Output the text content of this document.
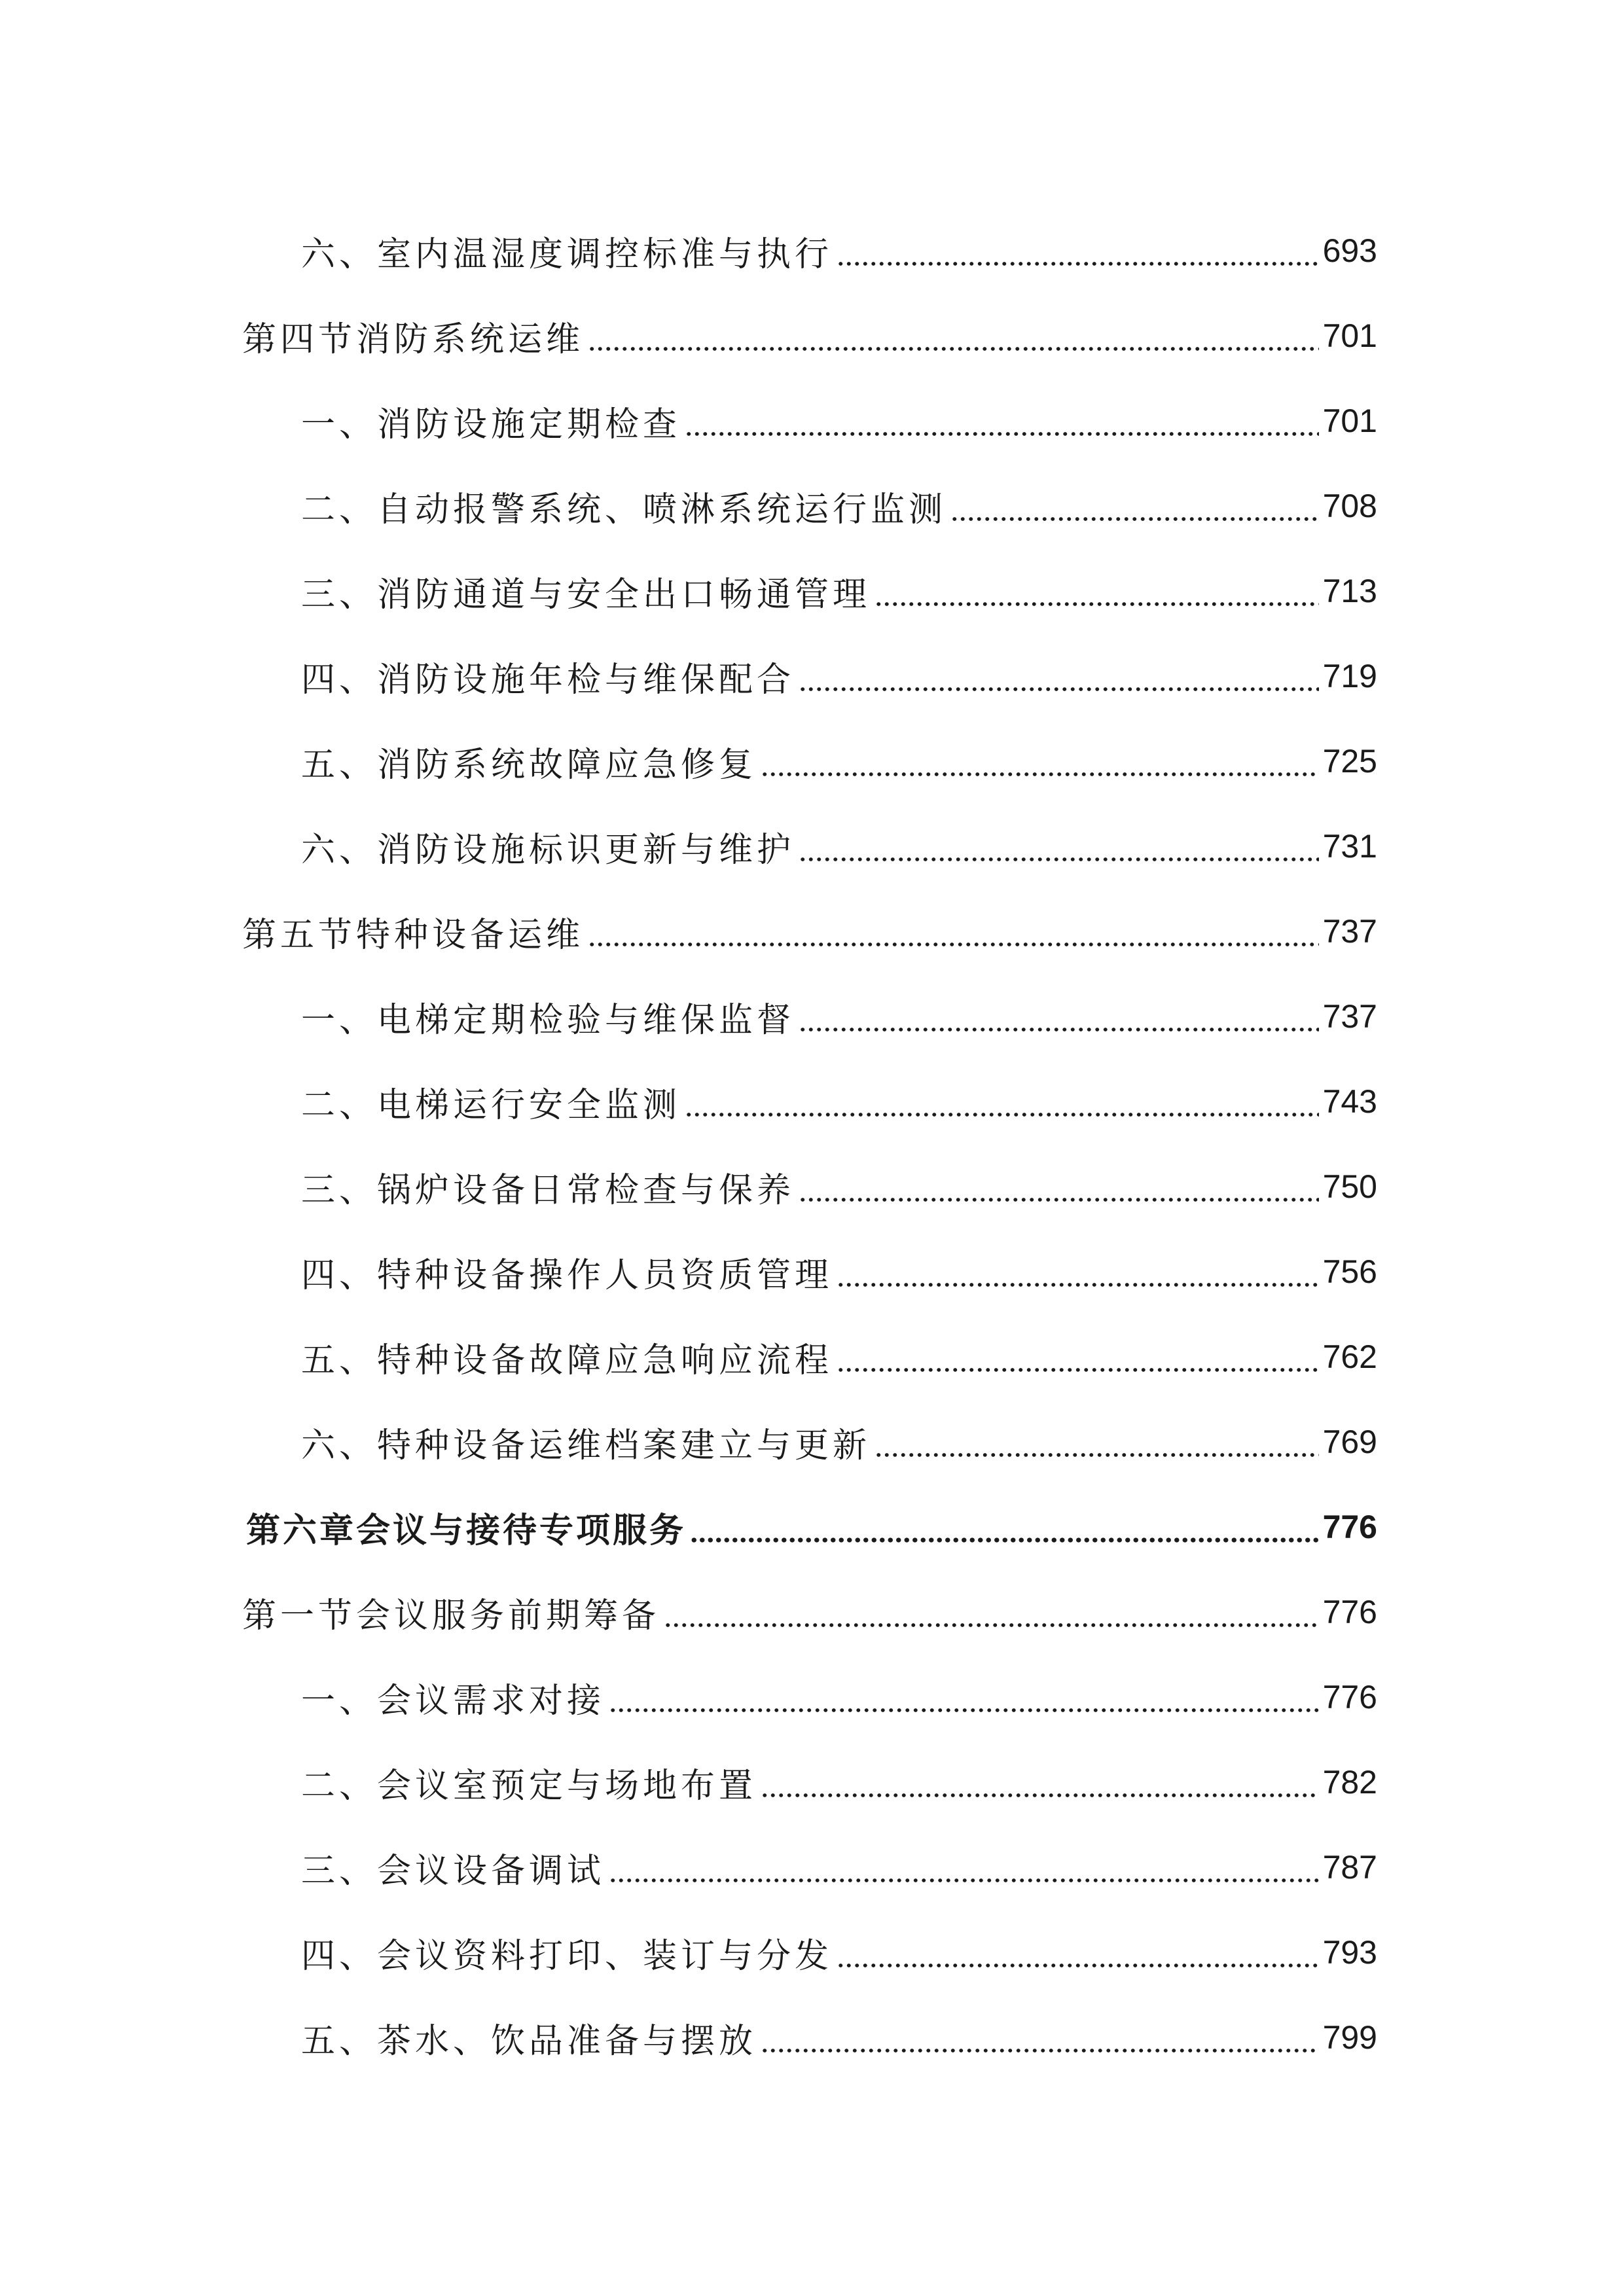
六、室内温湿度调控标准与执行	693
第四节消防系统运维	701
一、消防设施定期检查	701
二、自动报警系统、喷淋系统运行监测	708
三、消防通道与安全出口畅通管理	713
四、消防设施年检与维保配合	719
五、消防系统故障应急修复	725
六、消防设施标识更新与维护	731
第五节特种设备运维	737
一、电梯定期检验与维保监督	737
二、电梯运行安全监测	743
三、锅炉设备日常检查与保养	750
四、特种设备操作人员资质管理	756
五、特种设备故障应急响应流程	762
六、特种设备运维档案建立与更新	769
第六章会议与接待专项服务	776
第一节会议服务前期筹备	776
一、会议需求对接	776
二、会议室预定与场地布置	782
三、会议设备调试	787
四、会议资料打印、装订与分发	793
五、茶水、饮品准备与摆放	799
